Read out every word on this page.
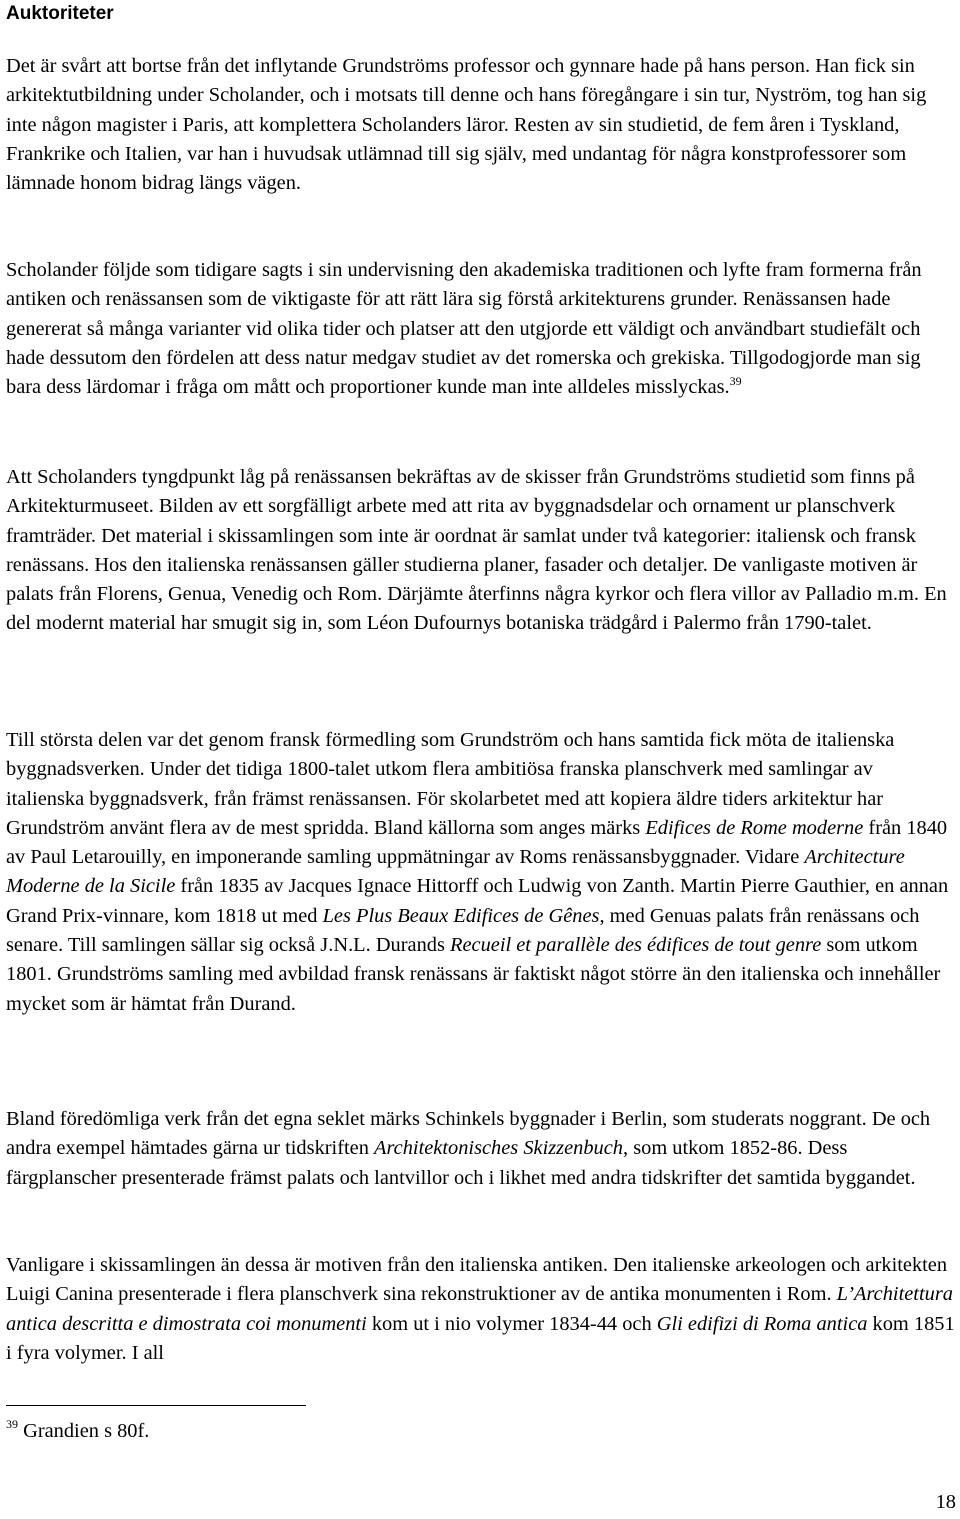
Auktoriteter

Det är svårt att bortse från det inflytande Grundströms professor och gynnare hade på hans person. Han fick sin arkitektutbildning under Scholander, och i motsats till denne och hans föregångare i sin tur, Nyström, tog han sig inte någon magister i Paris, att komplettera Scholanders läror. Resten av sin studietid, de fem åren i Tyskland, Frankrike och Italien, var han i huvudsak utlämnad till sig själv, med undantag för några konstprofessorer som lämnade honom bidrag längs vägen.

Scholander följde som tidigare sagts i sin undervisning den akademiska traditionen och lyfte fram formerna från antiken och renässansen som de viktigaste för att rätt lära sig förstå arkitekturens grunder. Renässansen hade genererat så många varianter vid olika tider och platser att den utgjorde ett väldigt och användbart studiefält och hade dessutom den fördelen att dess natur medgav studiet av det romerska och grekiska. Tillgodogjorde man sig bara dess lärdomar i fråga om mått och proportioner kunde man inte alldeles misslyckas.$^{39}$

Att Scholanders tyngdpunkt låg på renässansen bekräftas av de skisser från Grundströms studietid som finns på Arkitekturmuseet. Bilden av ett sorgfälligt arbete med att rita av byggnadsdelar och ornament ur planschverk framträder. Det material i skissamlingen som inte är oordnat är samlat under två kategorier: italiensk och fransk renässans. Hos den italienska renässansen gäller studierna planer, fasader och detaljer. De vanligaste motiven är palats från Florens, Genua, Venedig och Rom. Därjämte återfinns några kyrkor och flera villor av Palladio m.m. En del modernt material har smugit sig in, som Léon Dufournys botaniska trädgård i Palermo från 1790-talet.

Till största delen var det genom fransk förmedling som Grundström och hans samtida fick möta de italienska byggnadsverken. Under det tidiga 1800-talet utkom flera ambitiösa franska planschverk med samlingar av italienska byggnadsverk, från främst renässansen. För skolarbetet med att kopiera äldre tiders arkitektur har Grundström använt flera av de mest spridda. Bland källorna som anges märks Edifices de Rome moderne från 1840 av Paul Letarouilly, en imponerande samling uppmätningar av Roms renässansbyggnader. Vidare Architecture Moderne de la Sicile från 1835 av Jacques Ignace Hittorff och Ludwig von Zanth. Martin Pierre Gauthier, en annan Grand Prix-vinnare, kom 1818 ut med Les Plus Beaux Edifices de Gênes, med Genuas palats från renässans och senare. Till samlingen sällar sig också J.N.L. Durands Recueil et parallèle des édifices de tout genre som utkom 1801. Grundströms samling med avbildad fransk renässans är faktiskt något större än den italienska och innehåller mycket som är hämtat från Durand.

Bland föredömliga verk från det egna seklet märks Schinkels byggnader i Berlin, som studerats noggrant. De och andra exempel hämtades gärna ur tidskriften Architektonisches Skizzenbuch, som utkom 1852-86. Dess färgplanscher presenterade främst palats och lantvillor och i likhet med andra tidskrifter det samtida byggandet.

Vanligare i skissamlingen än dessa är motiven från den italienska antiken. Den italienske arkeologen och arkitekten Luigi Canina presenterade i flera planschverk sina rekonstruktioner av de antika monumenten i Rom. L’Architettura antica descritta e dimostrata coi monumenti kom ut i nio volymer 1834-44 och Gli edifizi di Roma antica kom 1851 i fyra volymer. I all

$^{39}$ Grandien s 80f.

18
